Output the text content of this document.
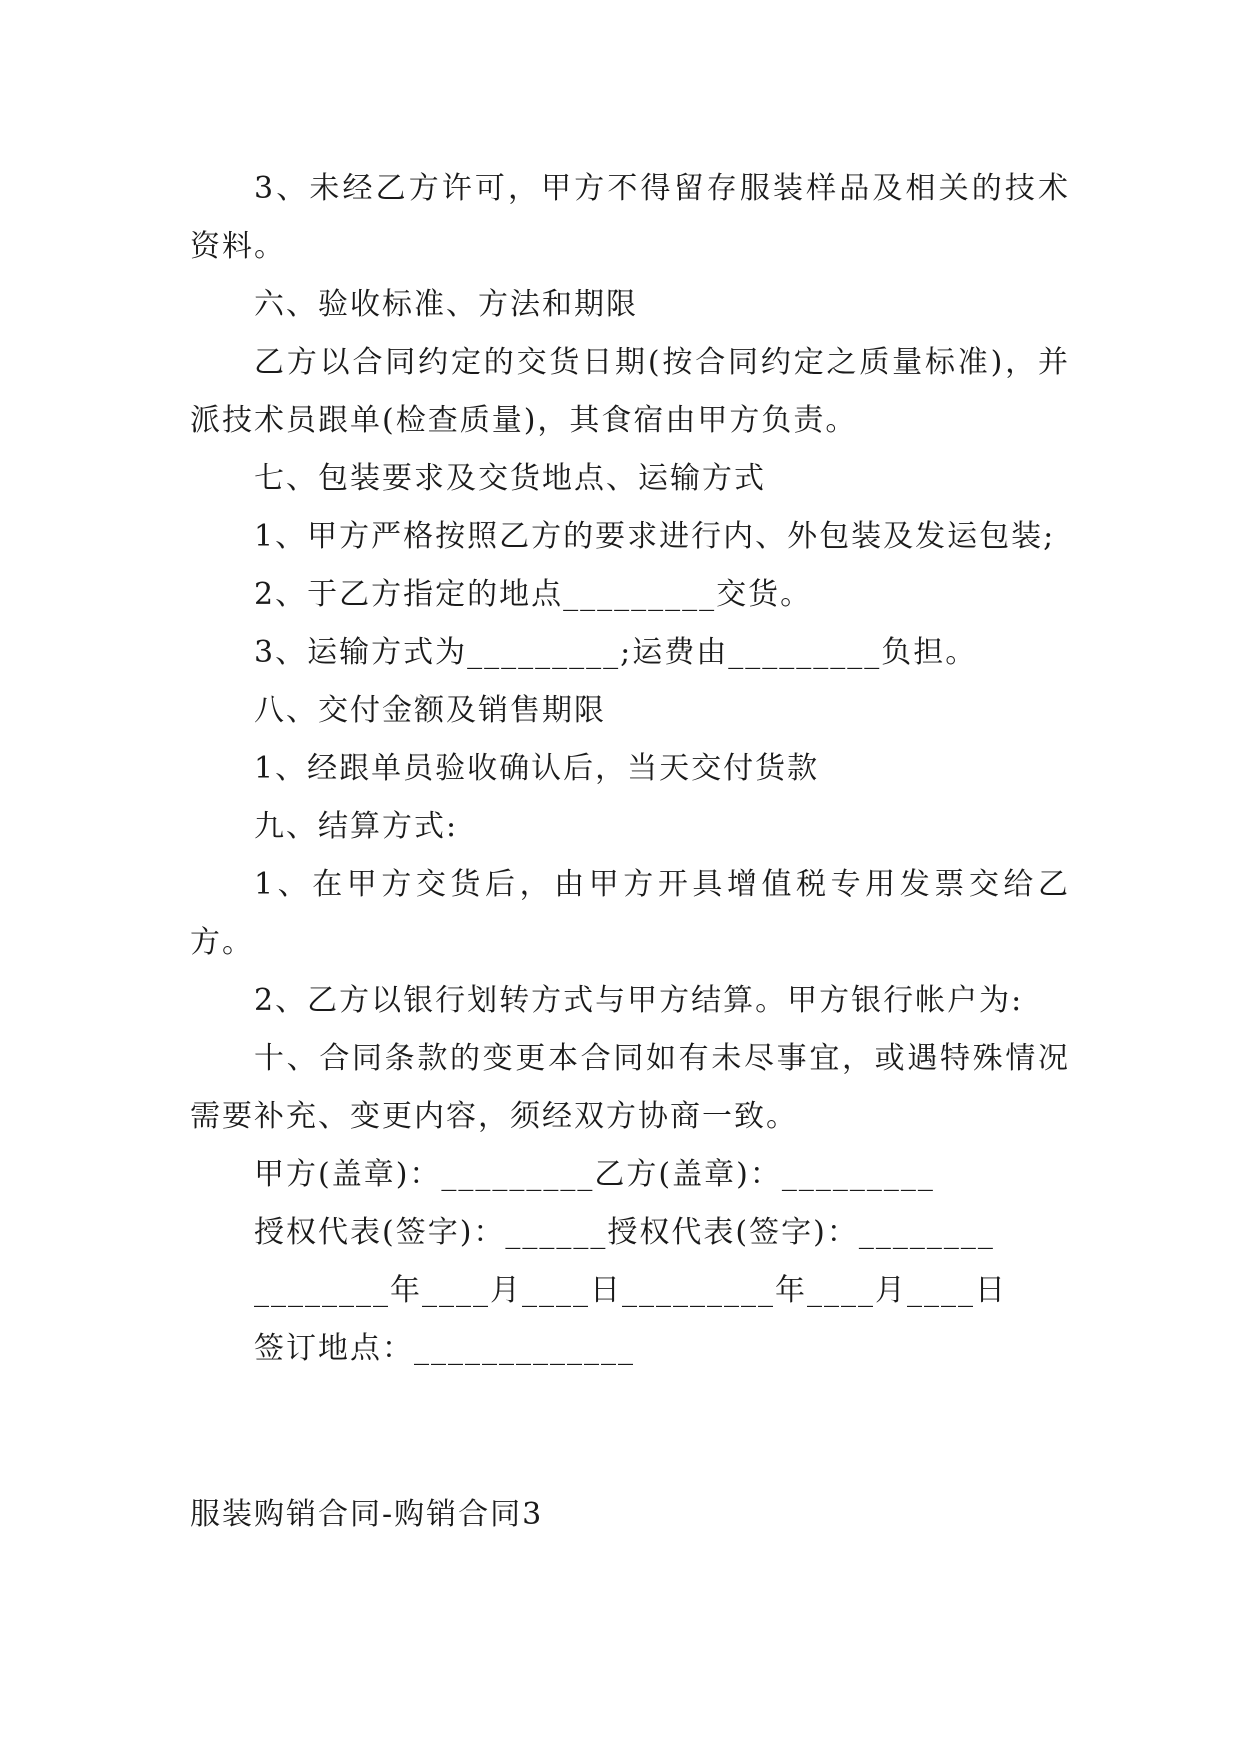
3、未经乙方许可，甲方不得留存服装样品及相关的技术资料。

六、验收标准、方法和期限

乙方以合同约定的交货日期(按合同约定之质量标准)，并派技术员跟单(检查质量)，其食宿由甲方负责。

七、包装要求及交货地点、运输方式

1、甲方严格按照乙方的要求进行内、外包装及发运包装;

2、于乙方指定的地点_________交货。

3、运输方式为_________;运费由_________负担。

八、交付金额及销售期限

1、经跟单员验收确认后，当天交付货款

九、结算方式:

1、在甲方交货后，由甲方开具增值税专用发票交给乙方。

2、乙方以银行划转方式与甲方结算。甲方银行帐户为:

十、合同条款的变更本合同如有未尽事宜，或遇特殊情况需要补充、变更内容，须经双方协商一致。

甲方(盖章)：_________乙方(盖章)：_________

授权代表(签字)：______授权代表(签字)：________

________年____月____日_________年____月____日

签订地点：_____________

服装购销合同-购销合同3
